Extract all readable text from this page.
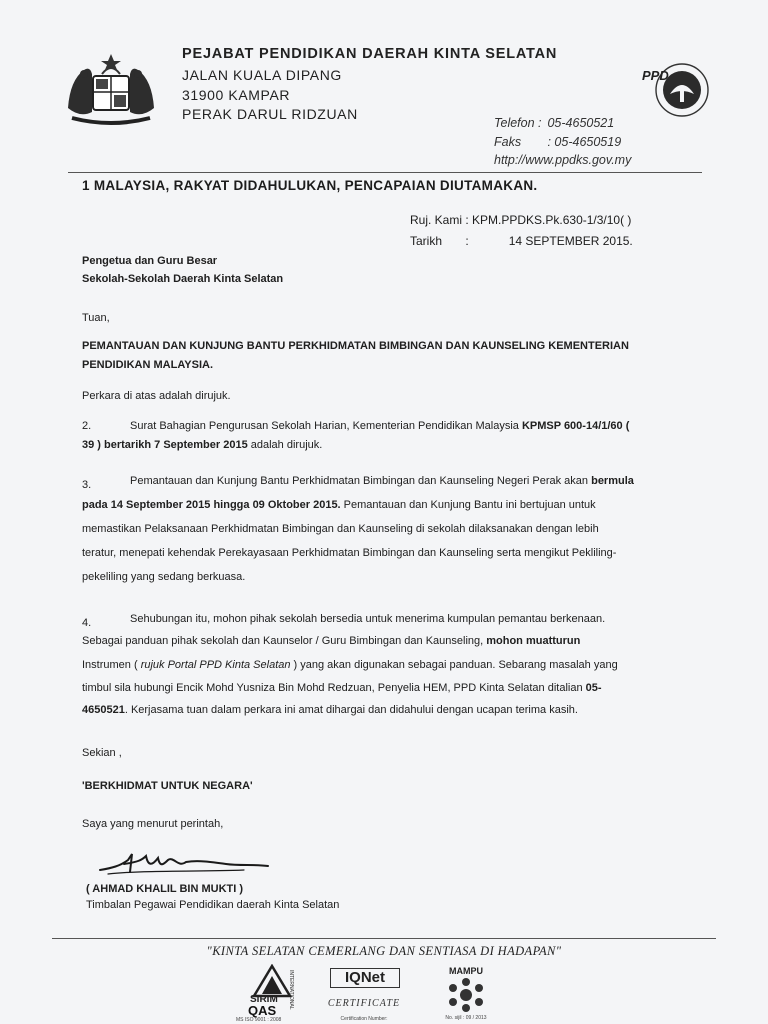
PEJABAT PENDIDIKAN DAERAH KINTA SELATAN
JALAN KUALA DIPANG
31900 KAMPAR
PERAK DARUL RIDZUAN
PPD
Telefon : 05-4650521
Faks : 05-4650519
http://www.ppdks.gov.my
1 MALAYSIA, RAKYAT DIDAHULUKAN, PENCAPAIAN DIUTAMAKAN.
Ruj. Kami : KPM.PPDKS.Pk.630-1/3/10( )
Tarikh :	14 SEPTEMBER 2015.
Pengetua dan Guru Besar
Sekolah-Sekolah Daerah Kinta Selatan
Tuan,
PEMANTAUAN DAN KUNJUNG BANTU PERKHIDMATAN BIMBINGAN DAN KAUNSELING KEMENTERIAN
PENDIDIKAN MALAYSIA.
Perkara di atas adalah dirujuk.
2.	Surat Bahagian Pengurusan Sekolah Harian, Kementerian Pendidikan Malaysia KPMSP 600-14/1/60 (
39 ) bertarikh 7 September 2015 adalah dirujuk.
3.	Pemantauan dan Kunjung Bantu Perkhidmatan Bimbingan dan Kaunseling Negeri Perak akan bermula
pada 14 September 2015 hingga 09 Oktober 2015. Pemantauan dan Kunjung Bantu ini bertujuan untuk
memastikan Pelaksanaan Perkhidmatan Bimbingan dan Kaunseling di sekolah dilaksanakan dengan lebih
teratur, menepati kehendak Perekayasaan Perkhidmatan Bimbingan dan Kaunseling serta mengikut Pekliling-
pekeliling yang sedang berkuasa.
4.	Sehubungan itu, mohon pihak sekolah bersedia untuk menerima kumpulan pemantau berkenaan.
Sebagai panduan pihak sekolah dan Kaunselor / Guru Bimbingan dan Kaunseling, mohon muatturun
Instrumen ( rujuk Portal PPD Kinta Selatan ) yang akan digunakan sebagai panduan. Sebarang masalah yang
timbul sila hubungi Encik Mohd Yusniza Bin Mohd Redzuan, Penyelia HEM, PPD Kinta Selatan ditalian 05-
4650521. Kerjasama tuan dalam perkara ini amat dihargai dan didahului dengan ucapan terima kasih.
Sekian ,
'BERKHIDMAT UNTUK NEGARA'
Saya yang menurut perintah,
( AHMAD KHALIL BIN MUKTI )
Timbalan Pegawai Pendidikan daerah Kinta Selatan
"KINTA SELATAN CEMERLANG DAN SENTIASA DI HADAPAN"
SIRIM
QAS
INTERNATIONAL
MS ISO 9001 : 2008
IQNet
CERTIFICATE
Certification Number:
MAMPU
No. sijil : 09 / 2013
